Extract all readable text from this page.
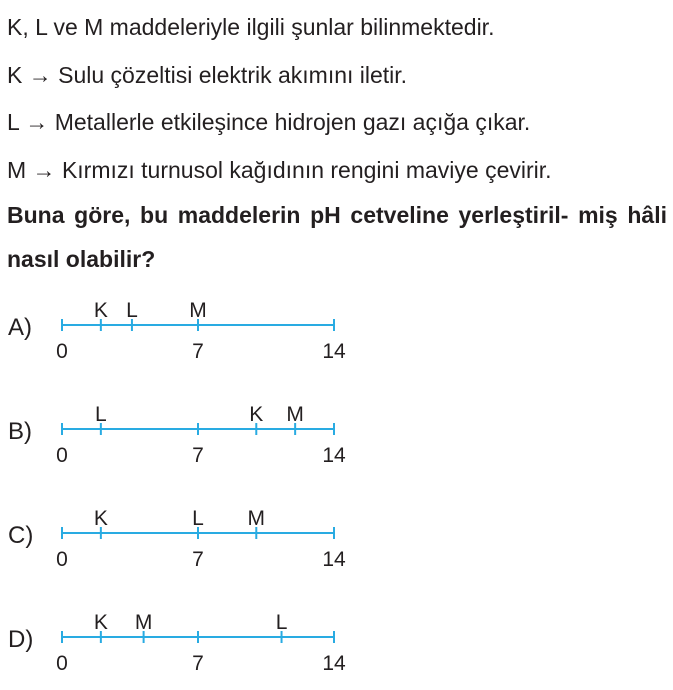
K, L ve M maddeleriyle ilgili şunlar bilinmektedir.
K → Sulu çözeltisi elektrik akımını iletir.
L → Metallerle etkileşince hidrojen gazı açığa çıkar.
M → Kırmızı turnusol kağıdının rengini maviye çevirir.
Buna göre, bu maddelerin pH cetveline yerleştiril- miş hâli nasıl olabilir?
A)
0	7	14
K L M
B)
0	7	14
L	K M
C)
0	7	14
K	L M
D)
0	7	14
K M	L
